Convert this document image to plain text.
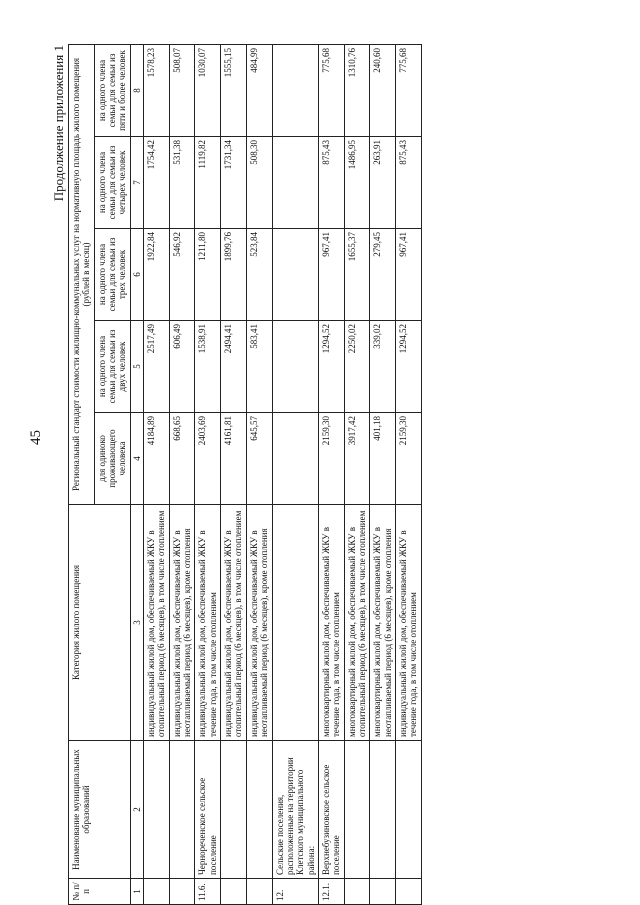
45
Продолжение приложения 1
№ п/п	Наименование муниципальных образований	Категория жилого помещения	Региональный стандарт стоимости жилищно-коммунальных услуг на нормативную площадь жилого помещения (рублей в месяц)				
			для одиноко проживающего человека	на одного члена семьи для семьи из двух человек	на одного члена семьи для семьи из трех человек	на одного члена семьи для семьи из четырех человек	на одного члена семьи для семьи из пяти и более человек
1	2	3	4	5	6	7	8
		индивидуальный жилой дом, обеспечиваемый ЖКУ в отопительный период (6 месяцев), в том числе отоплением	4184,89	2517,49	1922,84	1754,42	1578,23
		индивидуальный жилой дом, обеспечиваемый ЖКУ в неотапливаемый период (6 месяцев), кроме отопления	668,65	606,49	546,92	531,38	508,07
11.6.	Чернореченское сельское поселение	индивидуальный жилой дом, обеспечиваемый ЖКУ в течение года, в том числе отоплением	2403,69	1538,91	1211,80	1119,82	1030,07
		индивидуальный жилой дом, обеспечиваемый ЖКУ в отопительный период (6 месяцев), в том числе отоплением	4161,81	2494,41	1899,76	1731,34	1555,15
		индивидуальный жилой дом, обеспечиваемый ЖКУ в неотапливаемый период (6 месяцев), кроме отопления	645,57	583,41	523,84	508,30	484,99
12.	Сельские поселения, расположенные на территории Клетского муниципального района:						
12.1.	Верхнебузиновское сельское поселение	многоквартирный жилой дом, обеспечиваемый ЖКУ в течение года, в том числе отоплением	2159,30	1294,52	967,41	875,43	775,68
		многоквартирный жилой дом, обеспечиваемый ЖКУ в отопительный период (6 месяцев), в том числе отоплением	3917,42	2250,02	1655,37	1486,95	1310,76
		многоквартирный жилой дом, обеспечиваемый ЖКУ в неотапливаемый период (6 месяцев), кроме отопления	401,18	339,02	279,45	263,91	240,60
		индивидуальный жилой дом, обеспечиваемый ЖКУ в течение года, в том числе отоплением	2159,30	1294,52	967,41	875,43	775,68
